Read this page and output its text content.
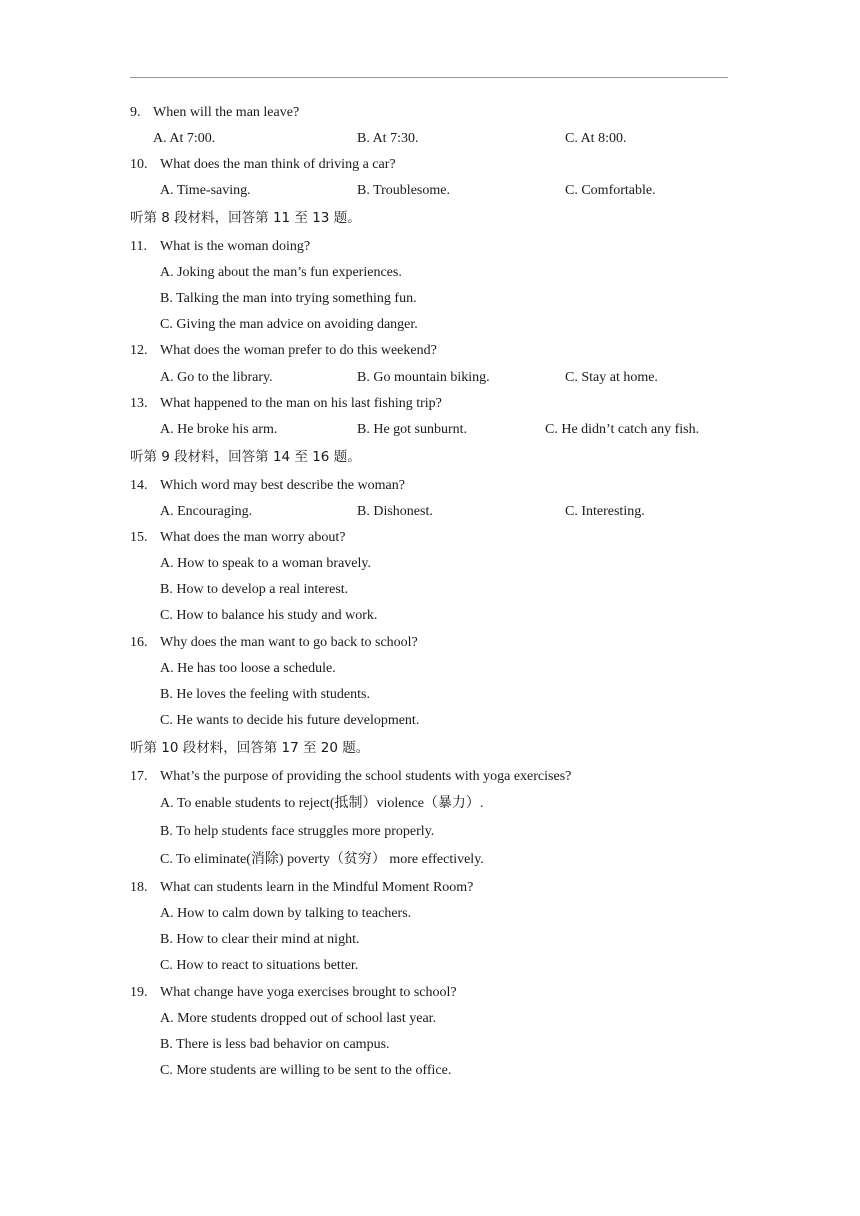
9. When will the man leave?
A. At 7:00.	B. At 7:30.	C. At 8:00.
10. What does the man think of driving a car?
A. Time-saving.	B. Troublesome.	C. Comfortable.
听第 8 段材料，回答第 11 至 13 题。
11. What is the woman doing?
A. Joking about the man’s fun experiences.
B. Talking the man into trying something fun.
C. Giving the man advice on avoiding danger.
12. What does the woman prefer to do this weekend?
A. Go to the library.	B. Go mountain biking.	C. Stay at home.
13. What happened to the man on his last fishing trip?
A. He broke his arm.	B. He got sunburnt.	C. He didn’t catch any fish.
听第 9 段材料，回答第 14 至 16 题。
14. Which word may best describe the woman?
A. Encouraging.	B. Dishonest.	C. Interesting.
15. What does the man worry about?
A. How to speak to a woman bravely.
B. How to develop a real interest.
C. How to balance his study and work.
16. Why does the man want to go back to school?
A. He has too loose a schedule.
B. He loves the feeling with students.
C. He wants to decide his future development.
听第 10 段材料，回答第 17 至 20 题。
17. What’s the purpose of providing the school students with yoga exercises?
A. To enable students to reject(抵制）violence（暴力）.
B. To help students face struggles more properly.
C. To eliminate(消除) poverty（贫穷） more effectively.
18. What can students learn in the Mindful Moment Room?
A. How to calm down by talking to teachers.
B. How to clear their mind at night.
C. How to react to situations better.
19. What change have yoga exercises brought to school?
A. More students dropped out of school last year.
B. There is less bad behavior on campus.
C. More students are willing to be sent to the office.
